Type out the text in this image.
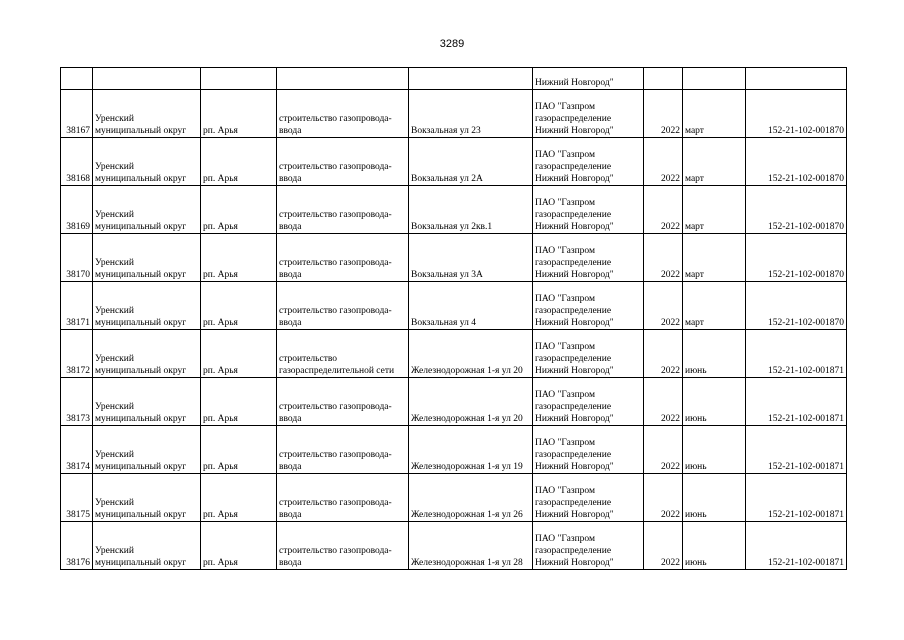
3289
					Нижний Новгород"			
38167	Уренский муниципальный округ	рп. Арья	строительство газопровода-ввода	Вокзальная ул 23	ПАО "Газпром газораспределение Нижний Новгород"	2022	март	152-21-102-001870
38168	Уренский муниципальный округ	рп. Арья	строительство газопровода-ввода	Вокзальная ул 2А	ПАО "Газпром газораспределение Нижний Новгород"	2022	март	152-21-102-001870
38169	Уренский муниципальный округ	рп. Арья	строительство газопровода-ввода	Вокзальная ул 2кв.1	ПАО "Газпром газораспределение Нижний Новгород"	2022	март	152-21-102-001870
38170	Уренский муниципальный округ	рп. Арья	строительство газопровода-ввода	Вокзальная ул 3А	ПАО "Газпром газораспределение Нижний Новгород"	2022	март	152-21-102-001870
38171	Уренский муниципальный округ	рп. Арья	строительство газопровода-ввода	Вокзальная ул 4	ПАО "Газпром газораспределение Нижний Новгород"	2022	март	152-21-102-001870
38172	Уренский муниципальный округ	рп. Арья	строительство газораспределительной сети	Железнодорожная 1-я ул 20	ПАО "Газпром газораспределение Нижний Новгород"	2022	июнь	152-21-102-001871
38173	Уренский муниципальный округ	рп. Арья	строительство газопровода-ввода	Железнодорожная 1-я ул 20	ПАО "Газпром газораспределение Нижний Новгород"	2022	июнь	152-21-102-001871
38174	Уренский муниципальный округ	рп. Арья	строительство газопровода-ввода	Железнодорожная 1-я ул 19	ПАО "Газпром газораспределение Нижний Новгород"	2022	июнь	152-21-102-001871
38175	Уренский муниципальный округ	рп. Арья	строительство газопровода-ввода	Железнодорожная 1-я ул 26	ПАО "Газпром газораспределение Нижний Новгород"	2022	июнь	152-21-102-001871
38176	Уренский муниципальный округ	рп. Арья	строительство газопровода-ввода	Железнодорожная 1-я ул 28	ПАО "Газпром газораспределение Нижний Новгород"	2022	июнь	152-21-102-001871
